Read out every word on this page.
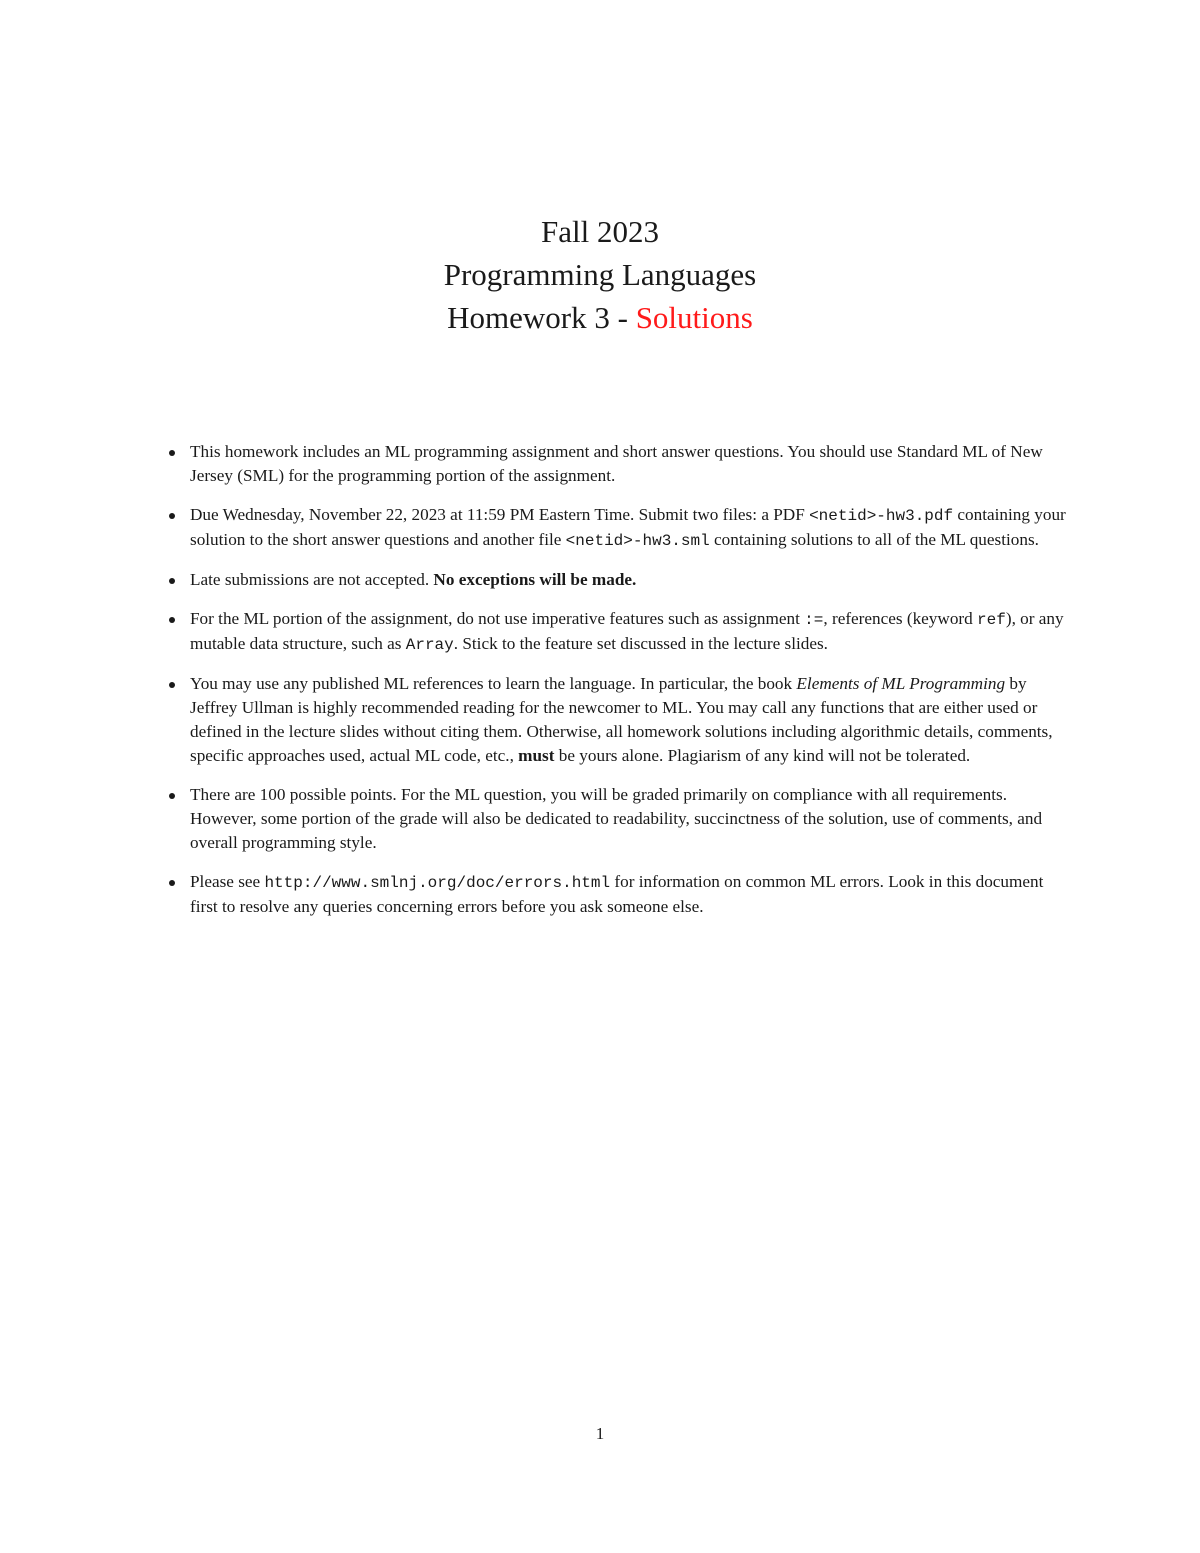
Fall 2023
Programming Languages
Homework 3 - Solutions
This homework includes an ML programming assignment and short answer questions. You should use Standard ML of New Jersey (SML) for the programming portion of the assignment.
Due Wednesday, November 22, 2023 at 11:59 PM Eastern Time. Submit two files: a PDF <netid>-hw3.pdf containing your solution to the short answer questions and another file <netid>-hw3.sml containing solutions to all of the ML questions.
Late submissions are not accepted. No exceptions will be made.
For the ML portion of the assignment, do not use imperative features such as assignment :=, references (keyword ref), or any mutable data structure, such as Array. Stick to the feature set discussed in the lecture slides.
You may use any published ML references to learn the language. In particular, the book Elements of ML Programming by Jeffrey Ullman is highly recommended reading for the newcomer to ML. You may call any functions that are either used or defined in the lecture slides without citing them. Otherwise, all homework solutions including algorithmic details, comments, specific approaches used, actual ML code, etc., must be yours alone. Plagiarism of any kind will not be tolerated.
There are 100 possible points. For the ML question, you will be graded primarily on compliance with all requirements. However, some portion of the grade will also be dedicated to readability, succinctness of the solution, use of comments, and overall programming style.
Please see http://www.smlnj.org/doc/errors.html for information on common ML errors. Look in this document first to resolve any queries concerning errors before you ask someone else.
1
